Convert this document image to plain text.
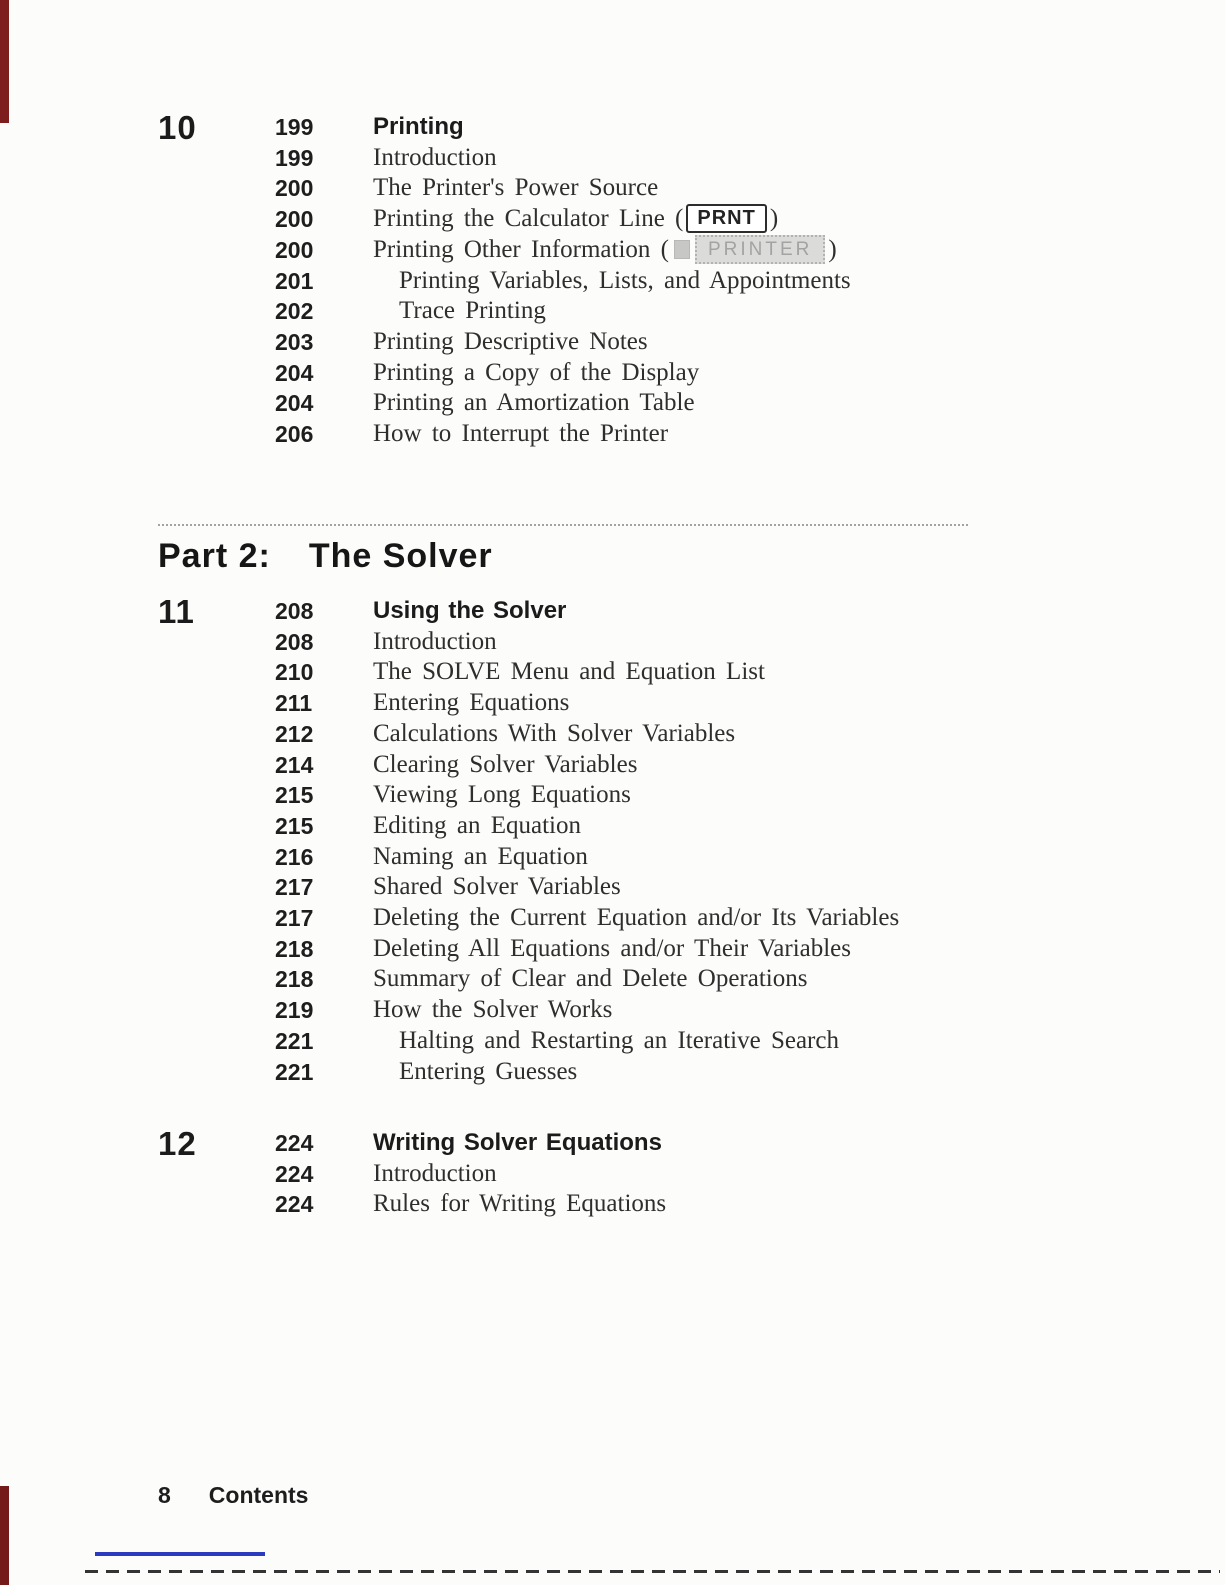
10	199	Printing
199	Introduction
200	The Printer's Power Source
200	Printing the Calculator Line ( PRNT )
200	Printing Other Information ( PRINTER )
201	Printing Variables, Lists, and Appointments
202	Trace Printing
203	Printing Descriptive Notes
204	Printing a Copy of the Display
204	Printing an Amortization Table
206	How to Interrupt the Printer
Part 2: The Solver
11	208	Using the Solver
208	Introduction
210	The SOLVE Menu and Equation List
211	Entering Equations
212	Calculations With Solver Variables
214	Clearing Solver Variables
215	Viewing Long Equations
215	Editing an Equation
216	Naming an Equation
217	Shared Solver Variables
217	Deleting the Current Equation and/or Its Variables
218	Deleting All Equations and/or Their Variables
218	Summary of Clear and Delete Operations
219	How the Solver Works
221	Halting and Restarting an Iterative Search
221	Entering Guesses
12	224	Writing Solver Equations
224	Introduction
224	Rules for Writing Equations
8 Contents
